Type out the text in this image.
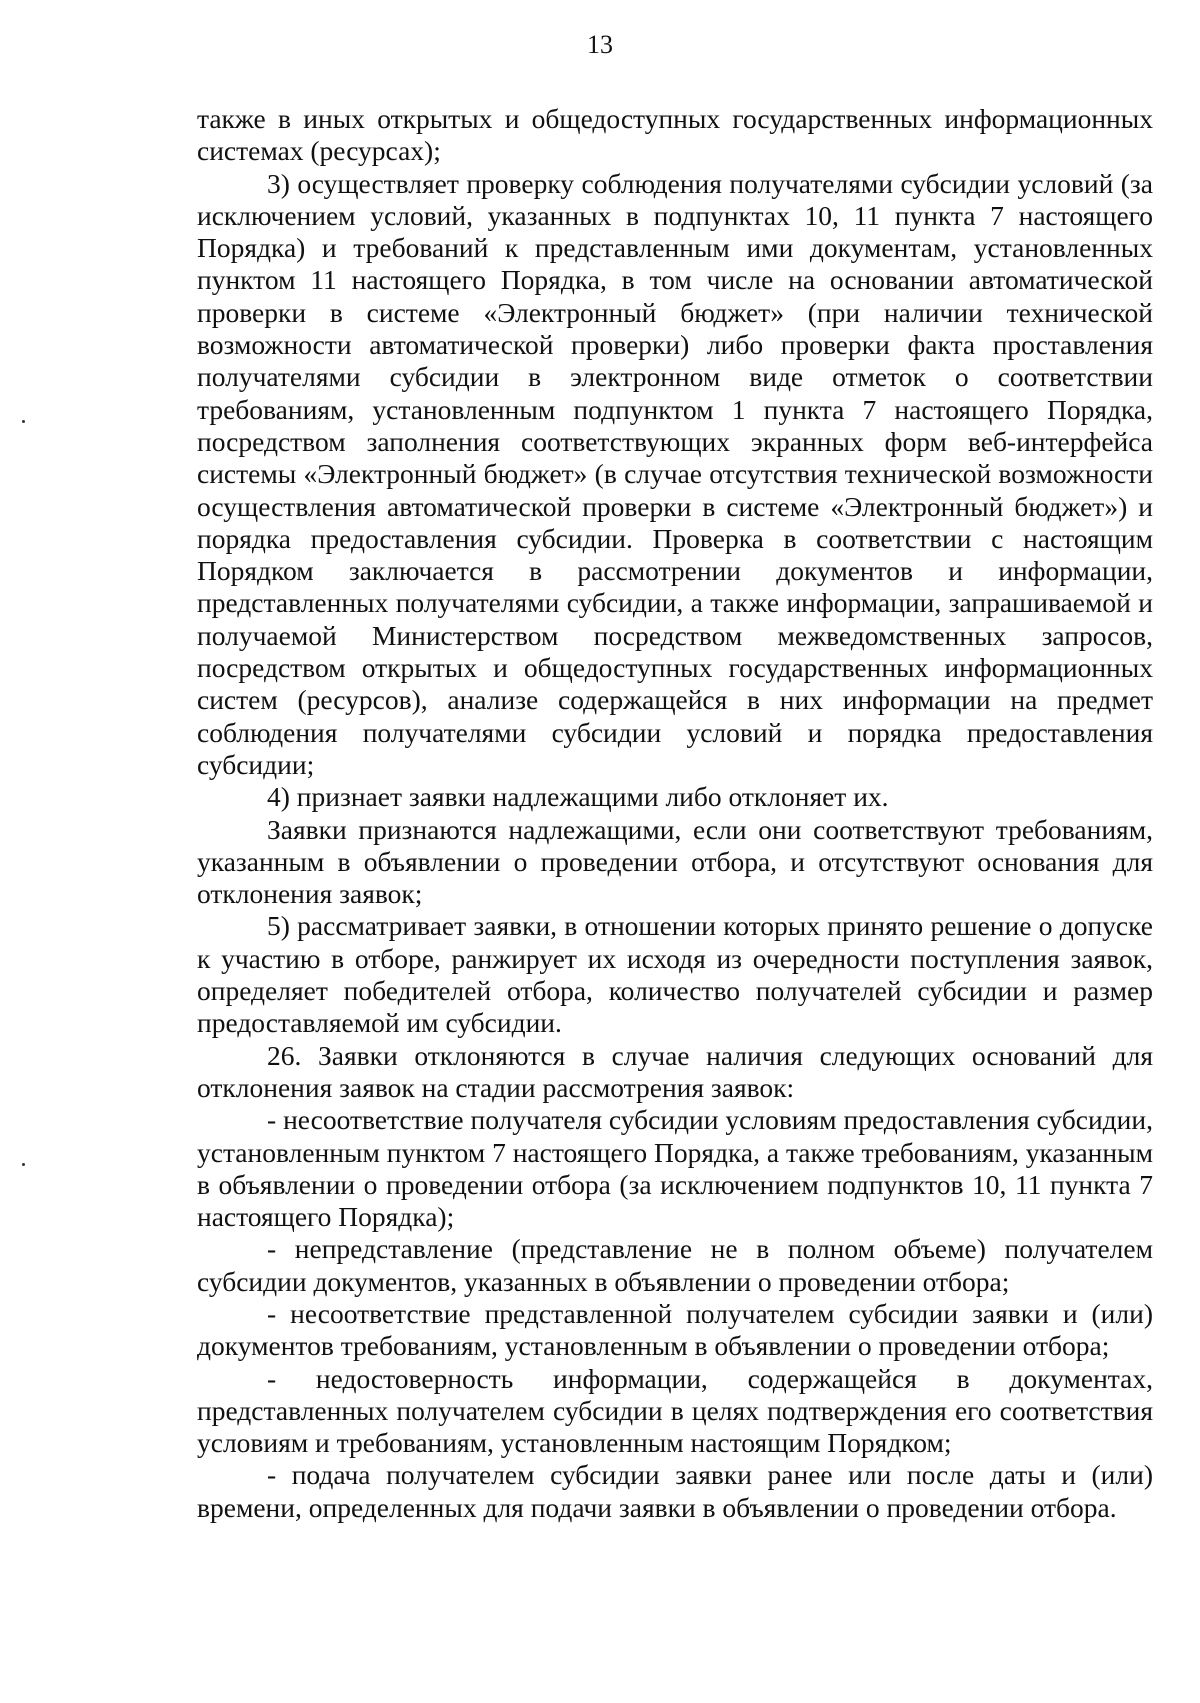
13

также в иных открытых и общедоступных государственных информационных системах (ресурсах);

3) осуществляет проверку соблюдения получателями субсидии условий (за исключением условий, указанных в подпунктах 10, 11 пункта 7 настоящего Порядка) и требований к представленным ими документам, установленных пунктом 11 настоящего Порядка, в том числе на основании автоматической проверки в системе «Электронный бюджет» (при наличии технической возможности автоматической проверки) либо проверки факта проставления получателями субсидии в электронном виде отметок о соответствии требованиям, установленным подпунктом 1 пункта 7 настоящего Порядка, посредством заполнения соответствующих экранных форм веб-интерфейса системы «Электронный бюджет» (в случае отсутствия технической возможности осуществления автоматической проверки в системе «Электронный бюджет») и порядка предоставления субсидии. Проверка в соответствии с настоящим Порядком заключается в рассмотрении документов и информации, представленных получателями субсидии, а также информации, запрашиваемой и получаемой Министерством посредством межведомственных запросов, посредством открытых и общедоступных государственных информационных систем (ресурсов), анализе содержащейся в них информации на предмет соблюдения получателями субсидии условий и порядка предоставления субсидии;

4) признает заявки надлежащими либо отклоняет их.

Заявки признаются надлежащими, если они соответствуют требованиям, указанным в объявлении о проведении отбора, и отсутствуют основания для отклонения заявок;

5) рассматривает заявки, в отношении которых принято решение о допуске к участию в отборе, ранжирует их исходя из очередности поступления заявок, определяет победителей отбора, количество получателей субсидии и размер предоставляемой им субсидии.

26. Заявки отклоняются в случае наличия следующих оснований для отклонения заявок на стадии рассмотрения заявок:

- несоответствие получателя субсидии условиям предоставления субсидии, установленным пунктом 7 настоящего Порядка, а также требованиям, указанным в объявлении о проведении отбора (за исключением подпунктов 10, 11 пункта 7 настоящего Порядка);

- непредставление (представление не в полном объеме) получателем субсидии документов, указанных в объявлении о проведении отбора;

- несоответствие представленной получателем субсидии заявки и (или) документов требованиям, установленным в объявлении о проведении отбора;

- недостоверность информации, содержащейся в документах, представленных получателем субсидии в целях подтверждения его соответствия условиям и требованиям, установленным настоящим Порядком;

- подача получателем субсидии заявки ранее или после даты и (или) времени, определенных для подачи заявки в объявлении о проведении отбора.
